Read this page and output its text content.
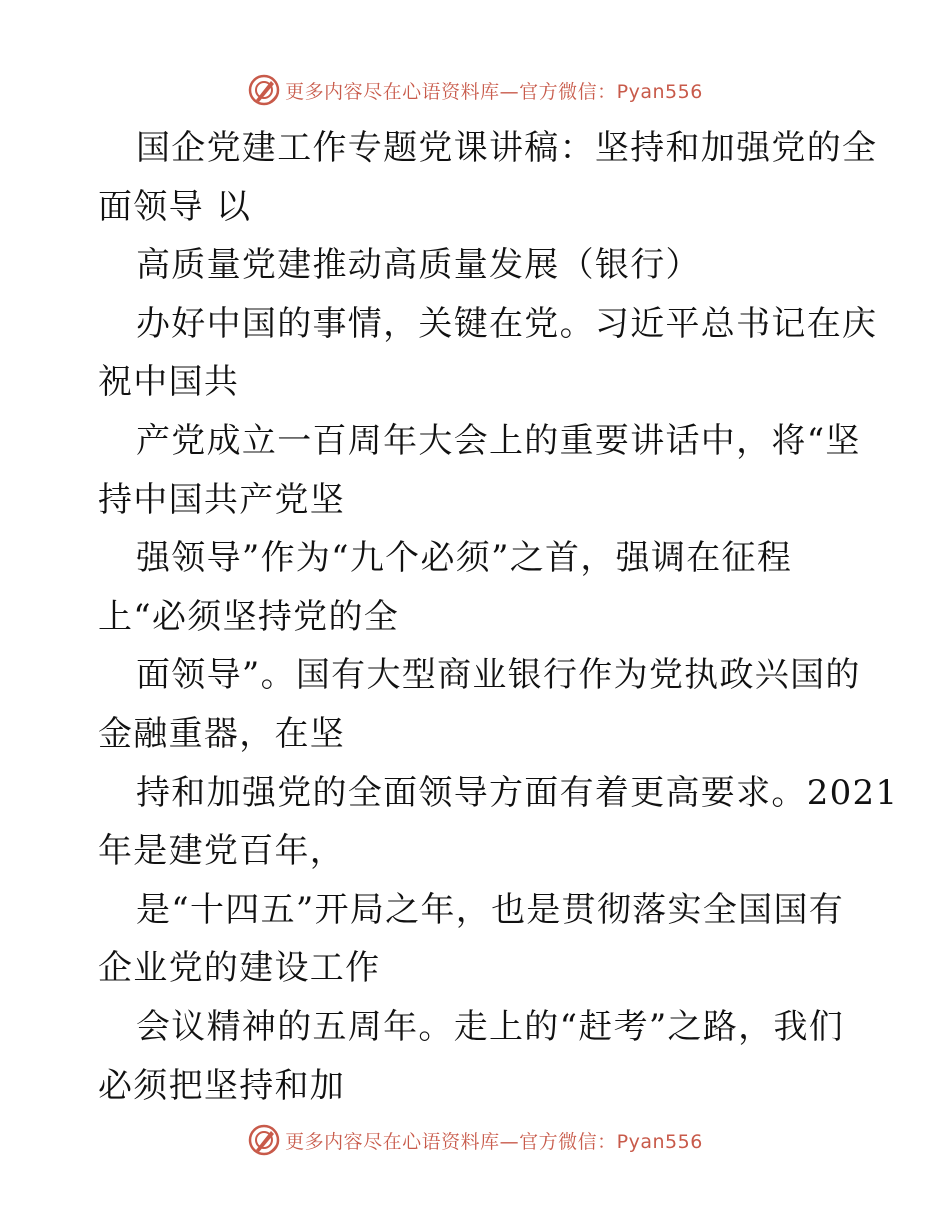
更多内容尽在心语资料库—官方微信：Pyan556
国企党建工作专题党课讲稿：坚持和加强党的全
面领导 以
高质量党建推动高质量发展（银行）
办好中国的事情，关键在党。习近平总书记在庆
祝中国共
产党成立一百周年大会上的重要讲话中，将“坚
持中国共产党坚
强领导”作为“九个必须”之首，强调在征程
上“必须坚持党的全
面领导”。国有大型商业银行作为党执政兴国的
金融重器，在坚
持和加强党的全面领导方面有着更高要求。2021
年是建党百年，
是“十四五”开局之年，也是贯彻落实全国国有
企业党的建设工作
会议精神的五周年。走上的“赶考”之路，我们
必须把坚持和加
更多内容尽在心语资料库—官方微信：Pyan556
